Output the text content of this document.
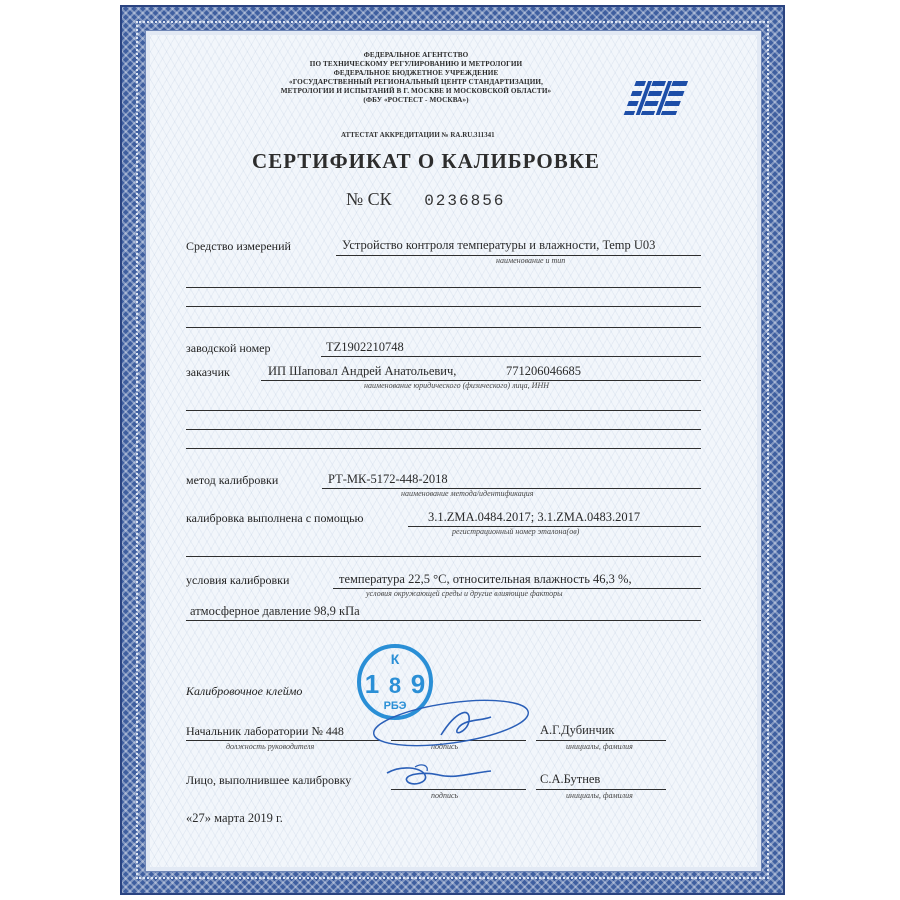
ФЕДЕРАЛЬНОЕ АГЕНТСТВО
ПО ТЕХНИЧЕСКОМУ РЕГУЛИРОВАНИЮ И МЕТРОЛОГИИ
ФЕДЕРАЛЬНОЕ БЮДЖЕТНОЕ УЧРЕЖДЕНИЕ
«ГОСУДАРСТВЕННЫЙ РЕГИОНАЛЬНЫЙ ЦЕНТР СТАНДАРТИЗАЦИИ,
МЕТРОЛОГИИ И ИСПЫТАНИЙ В Г. МОСКВЕ И МОСКОВСКОЙ ОБЛАСТИ»
(ФБУ «РОСТЕСТ - МОСКВА»)
АТТЕСТАТ АККРЕДИТАЦИИ № RA.RU.311341
СЕРТИФИКАТ О КАЛИБРОВКЕ
№ СК 0236856
Средство измерений	Устройство контроля температуры и влажности, Temp U03
наименование и тип
заводской номер	TZ1902210748
заказчик	ИП Шаповал Андрей Анатольевич,	771206046685
наименование юридического (физического) лица, ИНН
метод калибровки	РТ-МК-5172-448-2018
наименование метода/идентификация
калибровка выполнена с помощью	3.1.ZMA.0484.2017; 3.1.ZMA.0483.2017
регистрационный номер эталона(ов)
условия калибровки	температура 22,5 °С, относительная влажность 46,3 %,
условия окружающей среды и другие влияющие факторы
атмосферное давление 98,9 кПа
К
1 8 9
РБЭ
Калибровочное клеймо
Начальник лаборатории № 448
должность руководителя	подпись
А.Г.Дубинчик
инициалы, фамилия
Лицо, выполнившее калибровку
подпись
С.А.Бутнев
инициалы, фамилия
«27» марта 2019 г.
